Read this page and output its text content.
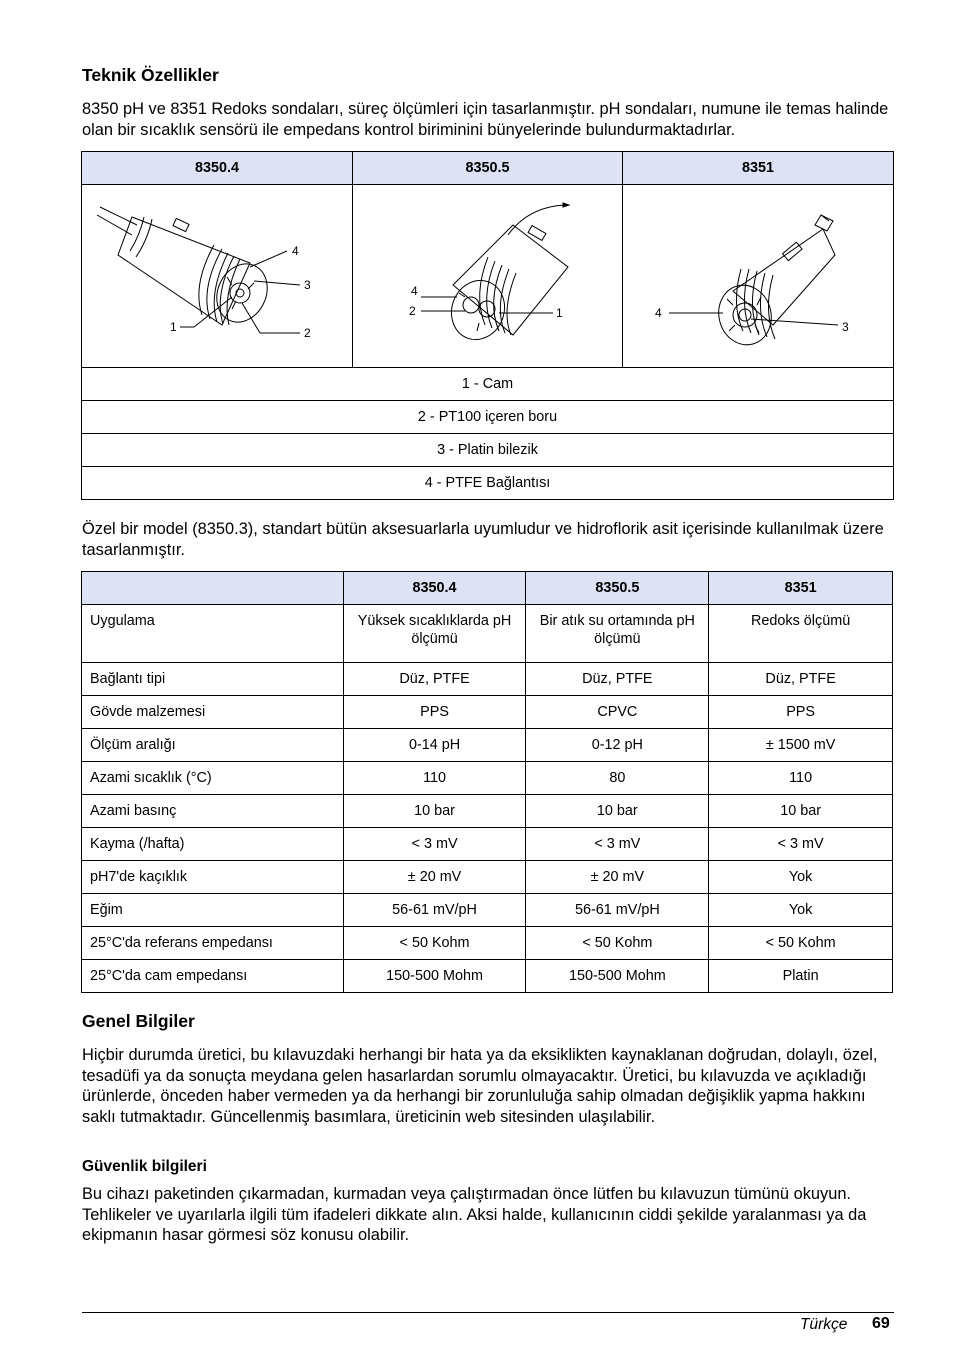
Teknik Özellikler

8350 pH ve 8351 Redoks sondaları, süreç ölçümleri için tasarlanmıştır. pH sondaları, numune ile temas halinde olan bir sıcaklık sensörü ile empedans kontrol biriminini bünyelerinde bulundurmaktadırlar.

8350.4	8350.5	8351

4
3
1 2	4
2 1	4
3

1 - Cam		
2 - PT100 içeren boru		
3 - Platin bilezik		
4 - PTFE Bağlantısı		

Özel bir model (8350.3), standart bütün aksesuarlarla uyumludur ve hidroflorik asit içerisinde kullanılmak üzere tasarlanmıştır.

	8350.4	8350.5	8351
Uygulama	Yüksek sıcaklıklarda pH ölçümü	Bir atık su ortamında pH ölçümü	Redoks ölçümü
Bağlantı tipi	Düz, PTFE	Düz, PTFE	Düz, PTFE
Gövde malzemesi	PPS	CPVC	PPS
Ölçüm aralığı	0-14 pH	0-12 pH	± 1500 mV
Azami sıcaklık (°C)	110	80	110
Azami basınç	10 bar	10 bar	10 bar
Kayma (/hafta)	< 3 mV	< 3 mV	< 3 mV
pH7'de kaçıklık	± 20 mV	± 20 mV	Yok
Eğim	56-61 mV/pH	56-61 mV/pH	Yok
25°C'da referans empedansı	< 50 Kohm	< 50 Kohm	< 50 Kohm
25°C'da cam empedansı	150-500 Mohm	150-500 Mohm	Platin
Genel Bilgiler

Hiçbir durumda üretici, bu kılavuzdaki herhangi bir hata ya da eksiklikten kaynaklanan doğrudan, dolaylı, özel, tesadüfi ya da sonuçta meydana gelen hasarlardan sorumlu olmayacaktır. Üretici, bu kılavuzda ve açıkladığı ürünlerde, önceden haber vermeden ya da herhangi bir zorunluluğa sahip olmadan değişiklik yapma hakkını saklı tutmaktadır. Güncellenmiş basımlara, üreticinin web sitesinden ulaşılabilir.

Güvenlik bilgileri

Bu cihazı paketinden çıkarmadan, kurmadan veya çalıştırmadan önce lütfen bu kılavuzun tümünü okuyun. Tehlikeler ve uyarılarla ilgili tüm ifadeleri dikkate alın. Aksi halde, kullanıcının ciddi şekilde yaralanması ya da ekipmanın hasar görmesi söz konusu olabilir.

Türkçe 69
